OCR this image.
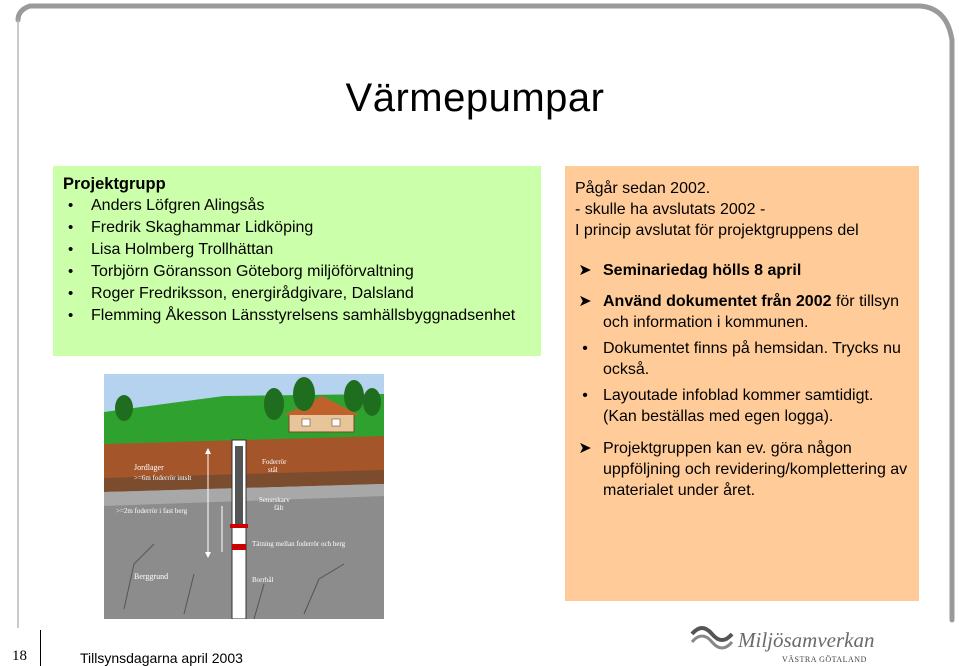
Värmepumpar
Projektgrupp
• Anders Löfgren Alingsås
• Fredrik Skaghammar Lidköping
• Lisa Holmberg Trollhättan
• Torbjörn Göransson Göteborg miljöförvaltning
• Roger Fredriksson, energirådgivare, Dalsland
• Flemming Åkesson Länsstyrelsens samhällsbyggnadsenhet
Pågår sedan 2002.
- skulle ha avslutats 2002 -
I princip avslutat för projektgruppens del
➤ Seminariedag hölls 8 april
➤ Använd dokumentet från 2002 för tillsyn och information i kommunen.
• Dokumentet finns på hemsidan. Trycks nu också.
• Layoutade infoblad kommer samtidigt. (Kan beställas med egen logga).
➤ Projektgruppen kan ev. göra någon uppföljning och revidering/komplettering av materialet under året.
Jordlager
>=6m foderrör intslt
Foderrör
stål
>=2m foderrör i fast berg
Sensrskarv
fält
Tätning mellan foderrör och berg
Berggrund	Borrhål
18	Tillsynsdagarna april 2003
Miljösamverkan
VÄSTRA GÖTALAND
